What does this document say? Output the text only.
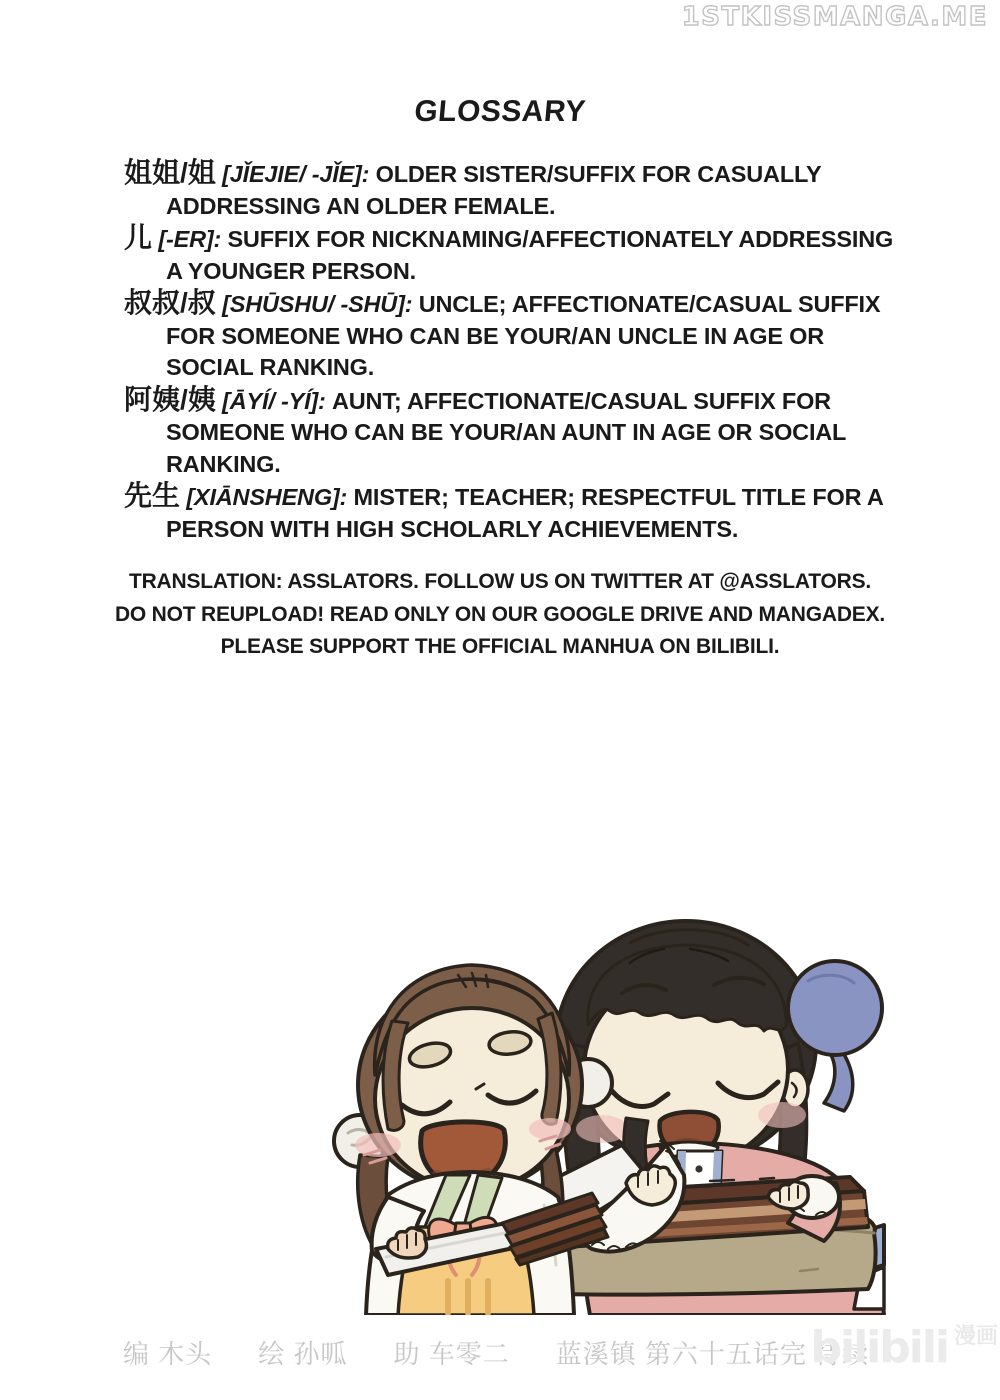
1STKISSMANGA.ME
GLOSSARY
姐姐/姐 [JǏEJIE/ -JǏE]: OLDER SISTER/SUFFIX FOR CASUALLY ADDRESSING AN OLDER FEMALE.
儿 [-ER]: SUFFIX FOR NICKNAMING/AFFECTIONATELY ADDRESSING A YOUNGER PERSON.
叔叔/叔 [SHŪSHU/ -SHŪ]: UNCLE; AFFECTIONATE/CASUAL SUFFIX FOR SOMEONE WHO CAN BE YOUR/AN UNCLE IN AGE OR SOCIAL RANKING.
阿姨/姨 [ĀYÍ/ -YÍ]: AUNT; AFFECTIONATE/CASUAL SUFFIX FOR SOMEONE WHO CAN BE YOUR/AN AUNT IN AGE OR SOCIAL RANKING.
先生 [XIĀNSHENG]: MISTER; TEACHER; RESPECTFUL TITLE FOR A PERSON WITH HIGH SCHOLARLY ACHIEVEMENTS.
TRANSLATION: ASSLATORS. FOLLOW US ON TWITTER AT @ASSLATORS.
DO NOT REUPLOAD! READ ONLY ON OUR GOOGLE DRIVE AND MANGADEX.
PLEASE SUPPORT THE OFFICIAL MANHUA ON BILIBILI.
编 木头 绘 孙呱 助 车零二 蓝溪镇 第六十五话完 待续
bilibili 漫画
